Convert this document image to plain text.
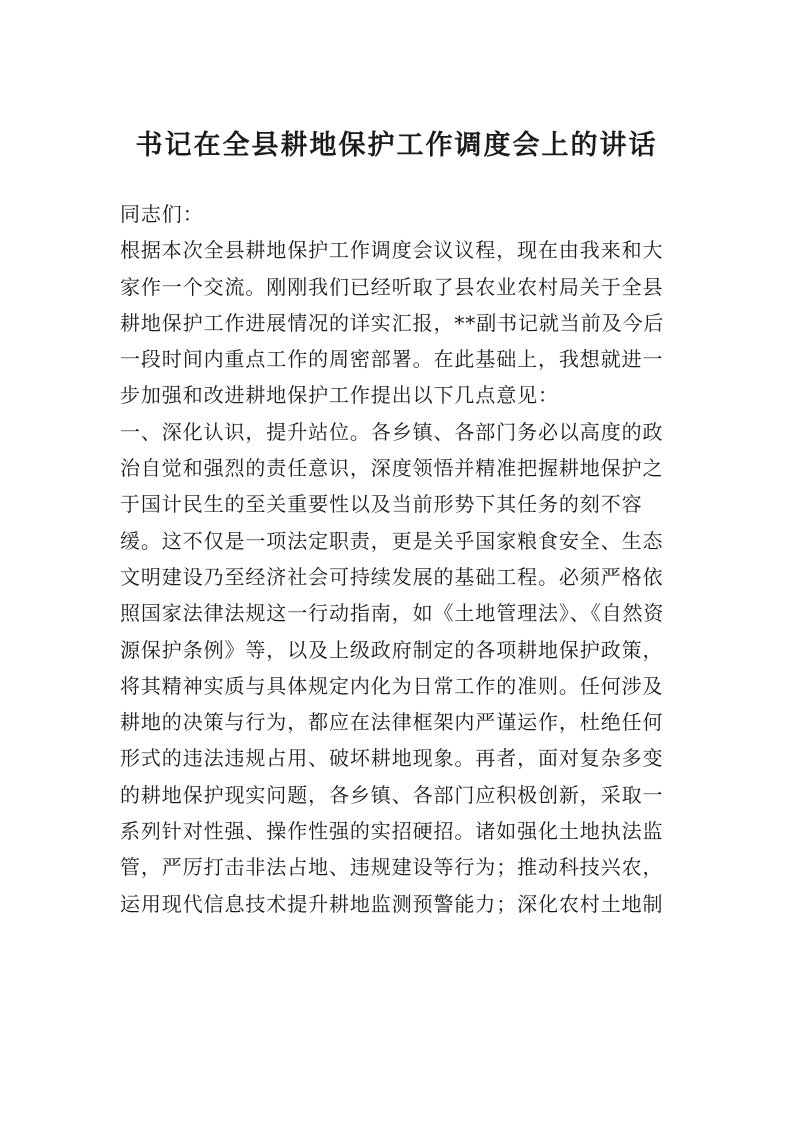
书记在全县耕地保护工作调度会上的讲话
同志们：
根据本次全县耕地保护工作调度会议议程，现在由我来和大
家作一个交流。刚刚我们已经听取了县农业农村局关于全县
耕地保护工作进展情况的详实汇报，**副书记就当前及今后
一段时间内重点工作的周密部署。在此基础上，我想就进一
步加强和改进耕地保护工作提出以下几点意见：
一、深化认识，提升站位。各乡镇、各部门务必以高度的政
治自觉和强烈的责任意识，深度领悟并精准把握耕地保护之
于国计民生的至关重要性以及当前形势下其任务的刻不容
缓。这不仅是一项法定职责，更是关乎国家粮食安全、生态
文明建设乃至经济社会可持续发展的基础工程。必须严格依
照国家法律法规这一行动指南，如《土地管理法》、《自然资
源保护条例》等，以及上级政府制定的各项耕地保护政策，
将其精神实质与具体规定内化为日常工作的准则。任何涉及
耕地的决策与行为，都应在法律框架内严谨运作，杜绝任何
形式的违法违规占用、破坏耕地现象。再者，面对复杂多变
的耕地保护现实问题，各乡镇、各部门应积极创新，采取一
系列针对性强、操作性强的实招硬招。诸如强化土地执法监
管，严厉打击非法占地、违规建设等行为；推动科技兴农，
运用现代信息技术提升耕地监测预警能力；深化农村土地制
